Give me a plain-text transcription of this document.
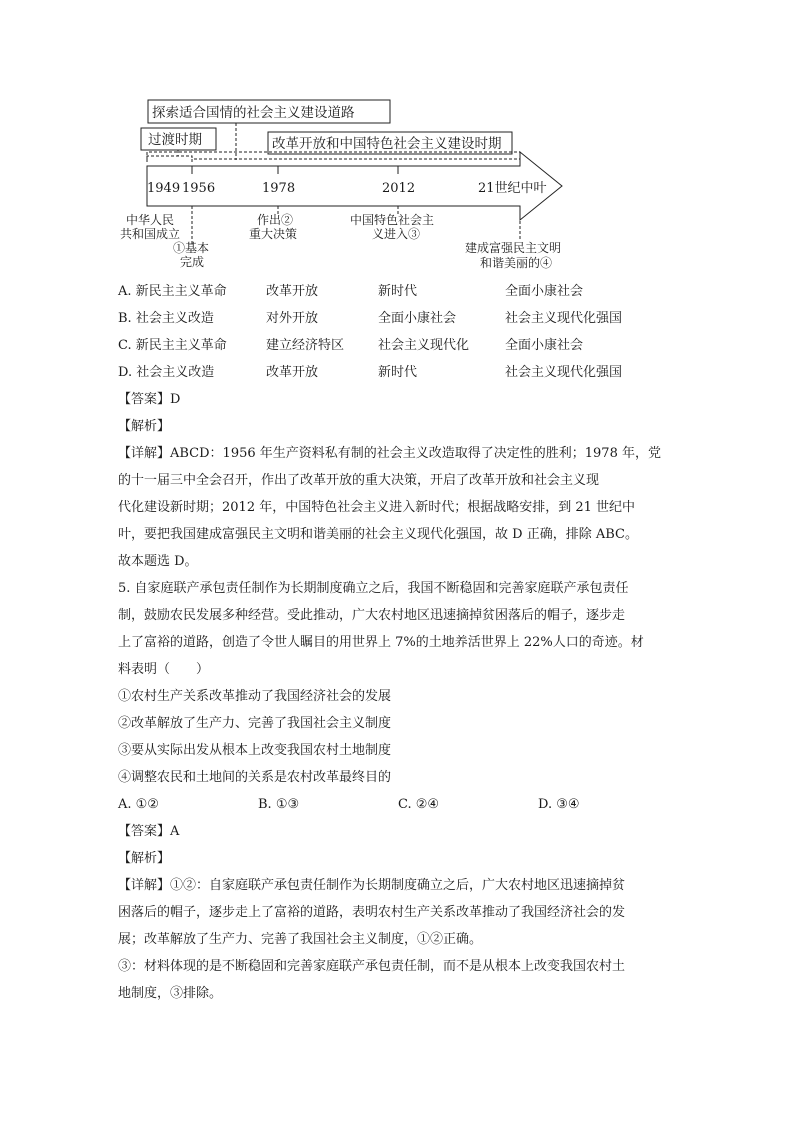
探索适合国情的社会主义建设道路
过渡时期	改革开放和中国特色社会主义建设时期
1949 1956	1978	2012	21世纪中叶
中华人民
共和国成立
①基本
完成
作出②
重大决策
中国特色社会主
义进入③
建成富强民主文明
和谐美丽的④
A. 新民主主义革命	改革开放	新时代	全面小康社会
B. 社会主义改造	对外开放	全面小康社会	社会主义现代化强国
C. 新民主主义革命	建立经济特区	社会主义现代化	全面小康社会
D. 社会主义改造	改革开放	新时代	社会主义现代化强国
【答案】D
【解析】
【详解】ABCD：1956 年生产资料私有制的社会主义改造取得了决定性的胜利；1978 年，党
的十一届三中全会召开，作出了改革开放的重大决策，开启了改革开放和社会主义现
代化建设新时期；2012 年，中国特色社会主义进入新时代；根据战略安排，到 21 世纪中
叶，要把我国建成富强民主文明和谐美丽的社会主义现代化强国，故 D 正确，排除 ABC。
故本题选 D。
5. 自家庭联产承包责任制作为长期制度确立之后，我国不断稳固和完善家庭联产承包责任
制，鼓励农民发展多种经营。受此推动，广大农村地区迅速摘掉贫困落后的帽子，逐步走
上了富裕的道路，创造了令世人瞩目的用世界上 7%的土地养活世界上 22%人口的奇迹。材
料表明（　　）
①农村生产关系改革推动了我国经济社会的发展
②改革解放了生产力、完善了我国社会主义制度
③要从实际出发从根本上改变我国农村土地制度
④调整农民和土地间的关系是农村改革最终目的
A. ①②	B. ①③	C. ②④	D. ③④
【答案】A
【解析】
【详解】①②：自家庭联产承包责任制作为长期制度确立之后，广大农村地区迅速摘掉贫
困落后的帽子，逐步走上了富裕的道路，表明农村生产关系改革推动了我国经济社会的发
展；改革解放了生产力、完善了我国社会主义制度，①②正确。
③：材料体现的是不断稳固和完善家庭联产承包责任制，而不是从根本上改变我国农村土
地制度，③排除。
